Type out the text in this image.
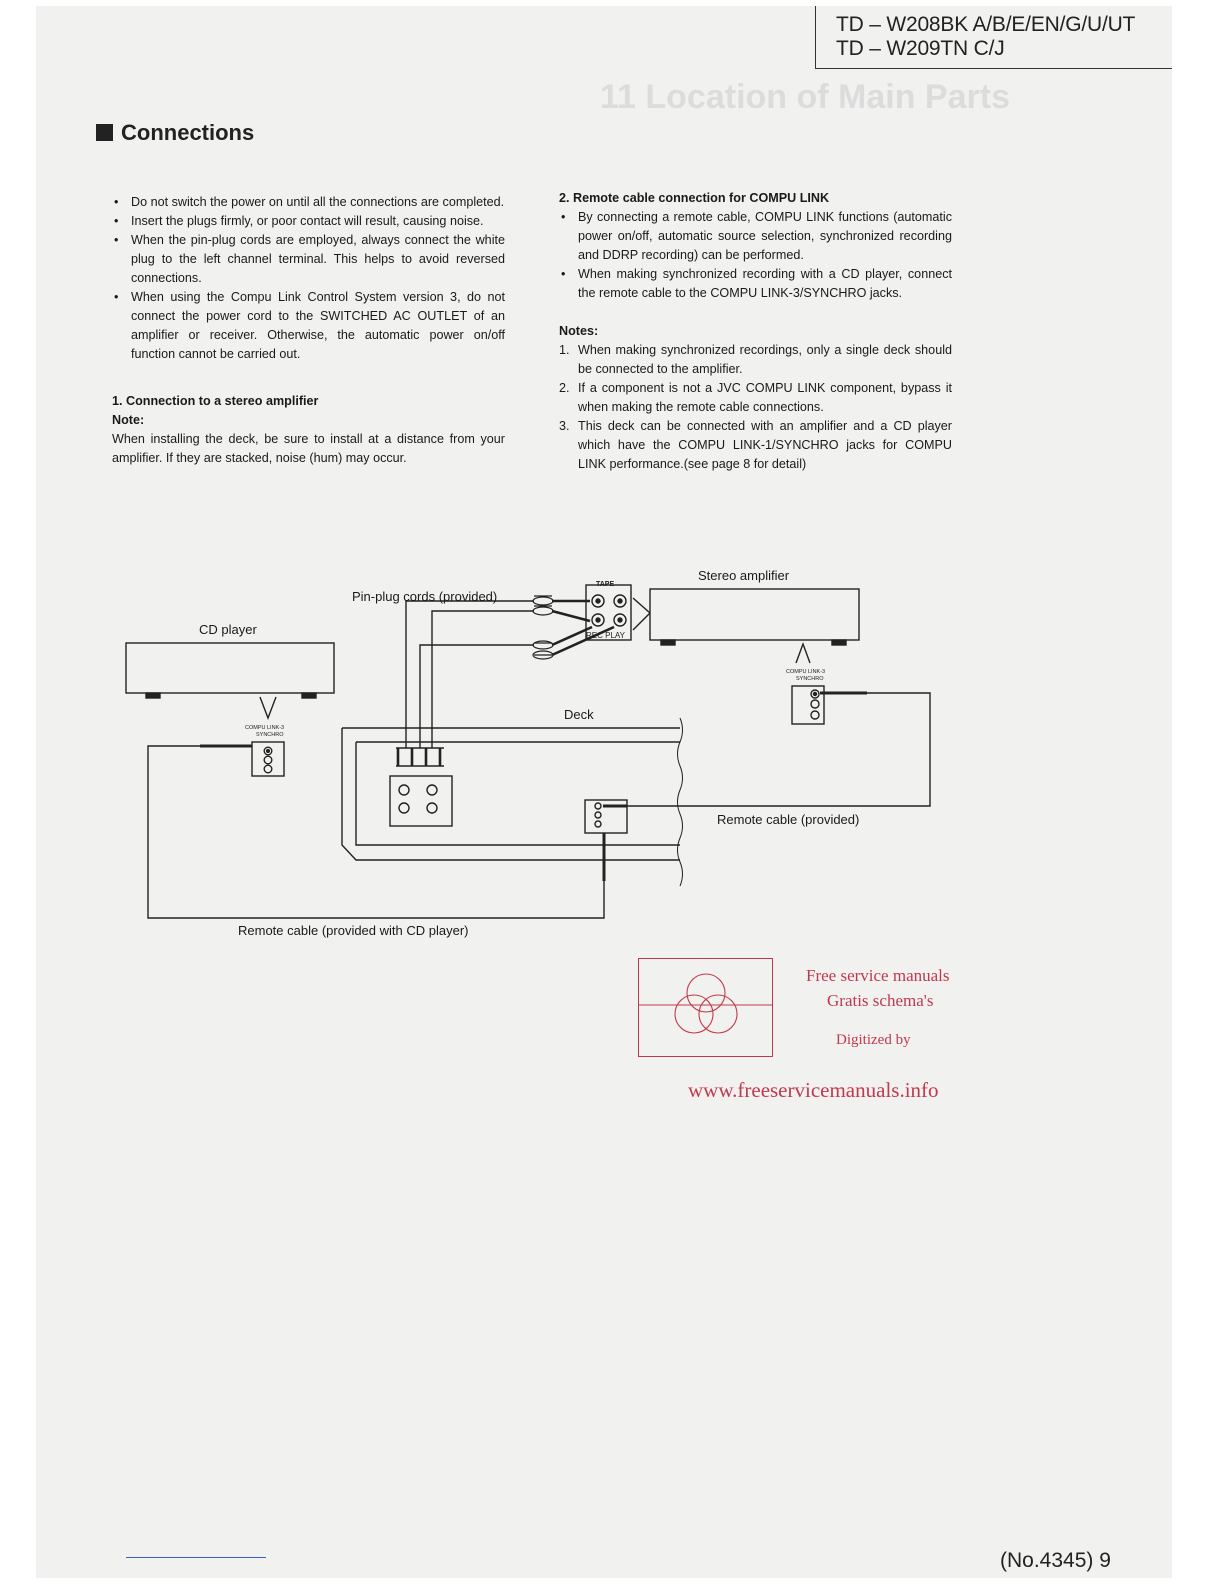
11 Location of Main Parts
TD – W208BK A/B/E/EN/G/U/UT
TD – W209TN C/J
Connections

• Do not switch the power on until all the connections are completed.

• Insert the plugs firmly, or poor contact will result, causing noise.

• When the pin-plug cords are employed, always connect the white plug to the left channel terminal. This helps to avoid reversed connections.

• When using the Compu Link Control System version 3, do not connect the power cord to the SWITCHED AC OUTLET of an amplifier or receiver. Otherwise, the automatic power on/off function cannot be carried out.

1. Connection to a stereo amplifier

Note:

When installing the deck, be sure to install at a distance from your amplifier. If they are stacked, noise (hum) may occur.

2. Remote cable connection for COMPU LINK

• By connecting a remote cable, COMPU LINK functions (automatic power on/off, automatic source selection, synchronized recording and DDRP recording) can be performed.

• When making synchronized recording with a CD player, connect the remote cable to the COMPU LINK-3/SYNCHRO jacks.

Notes:

1. When making synchronized recordings, only a single deck should be connected to the amplifier.

2. If a component is not a JVC COMPU LINK component, bypass it when making the remote cable connections.

3. This deck can be connected with an amplifier and a CD player which have the COMPU LINK-1/SYNCHRO jacks for COMPU LINK performance.(see page 8 for detail)

TAPE
REC PLAY
COMPU LINK-3
SYNCHRO
COMPU LINK-3
SYNCHRO
Stereo amplifier
Pin-plug cords (provided)
CD player
Deck
Remote cable (provided)
Remote cable (provided with CD player)
Free service manuals
Gratis schema's
Digitized by
www.freeservicemanuals.info
(No.4345) 9
